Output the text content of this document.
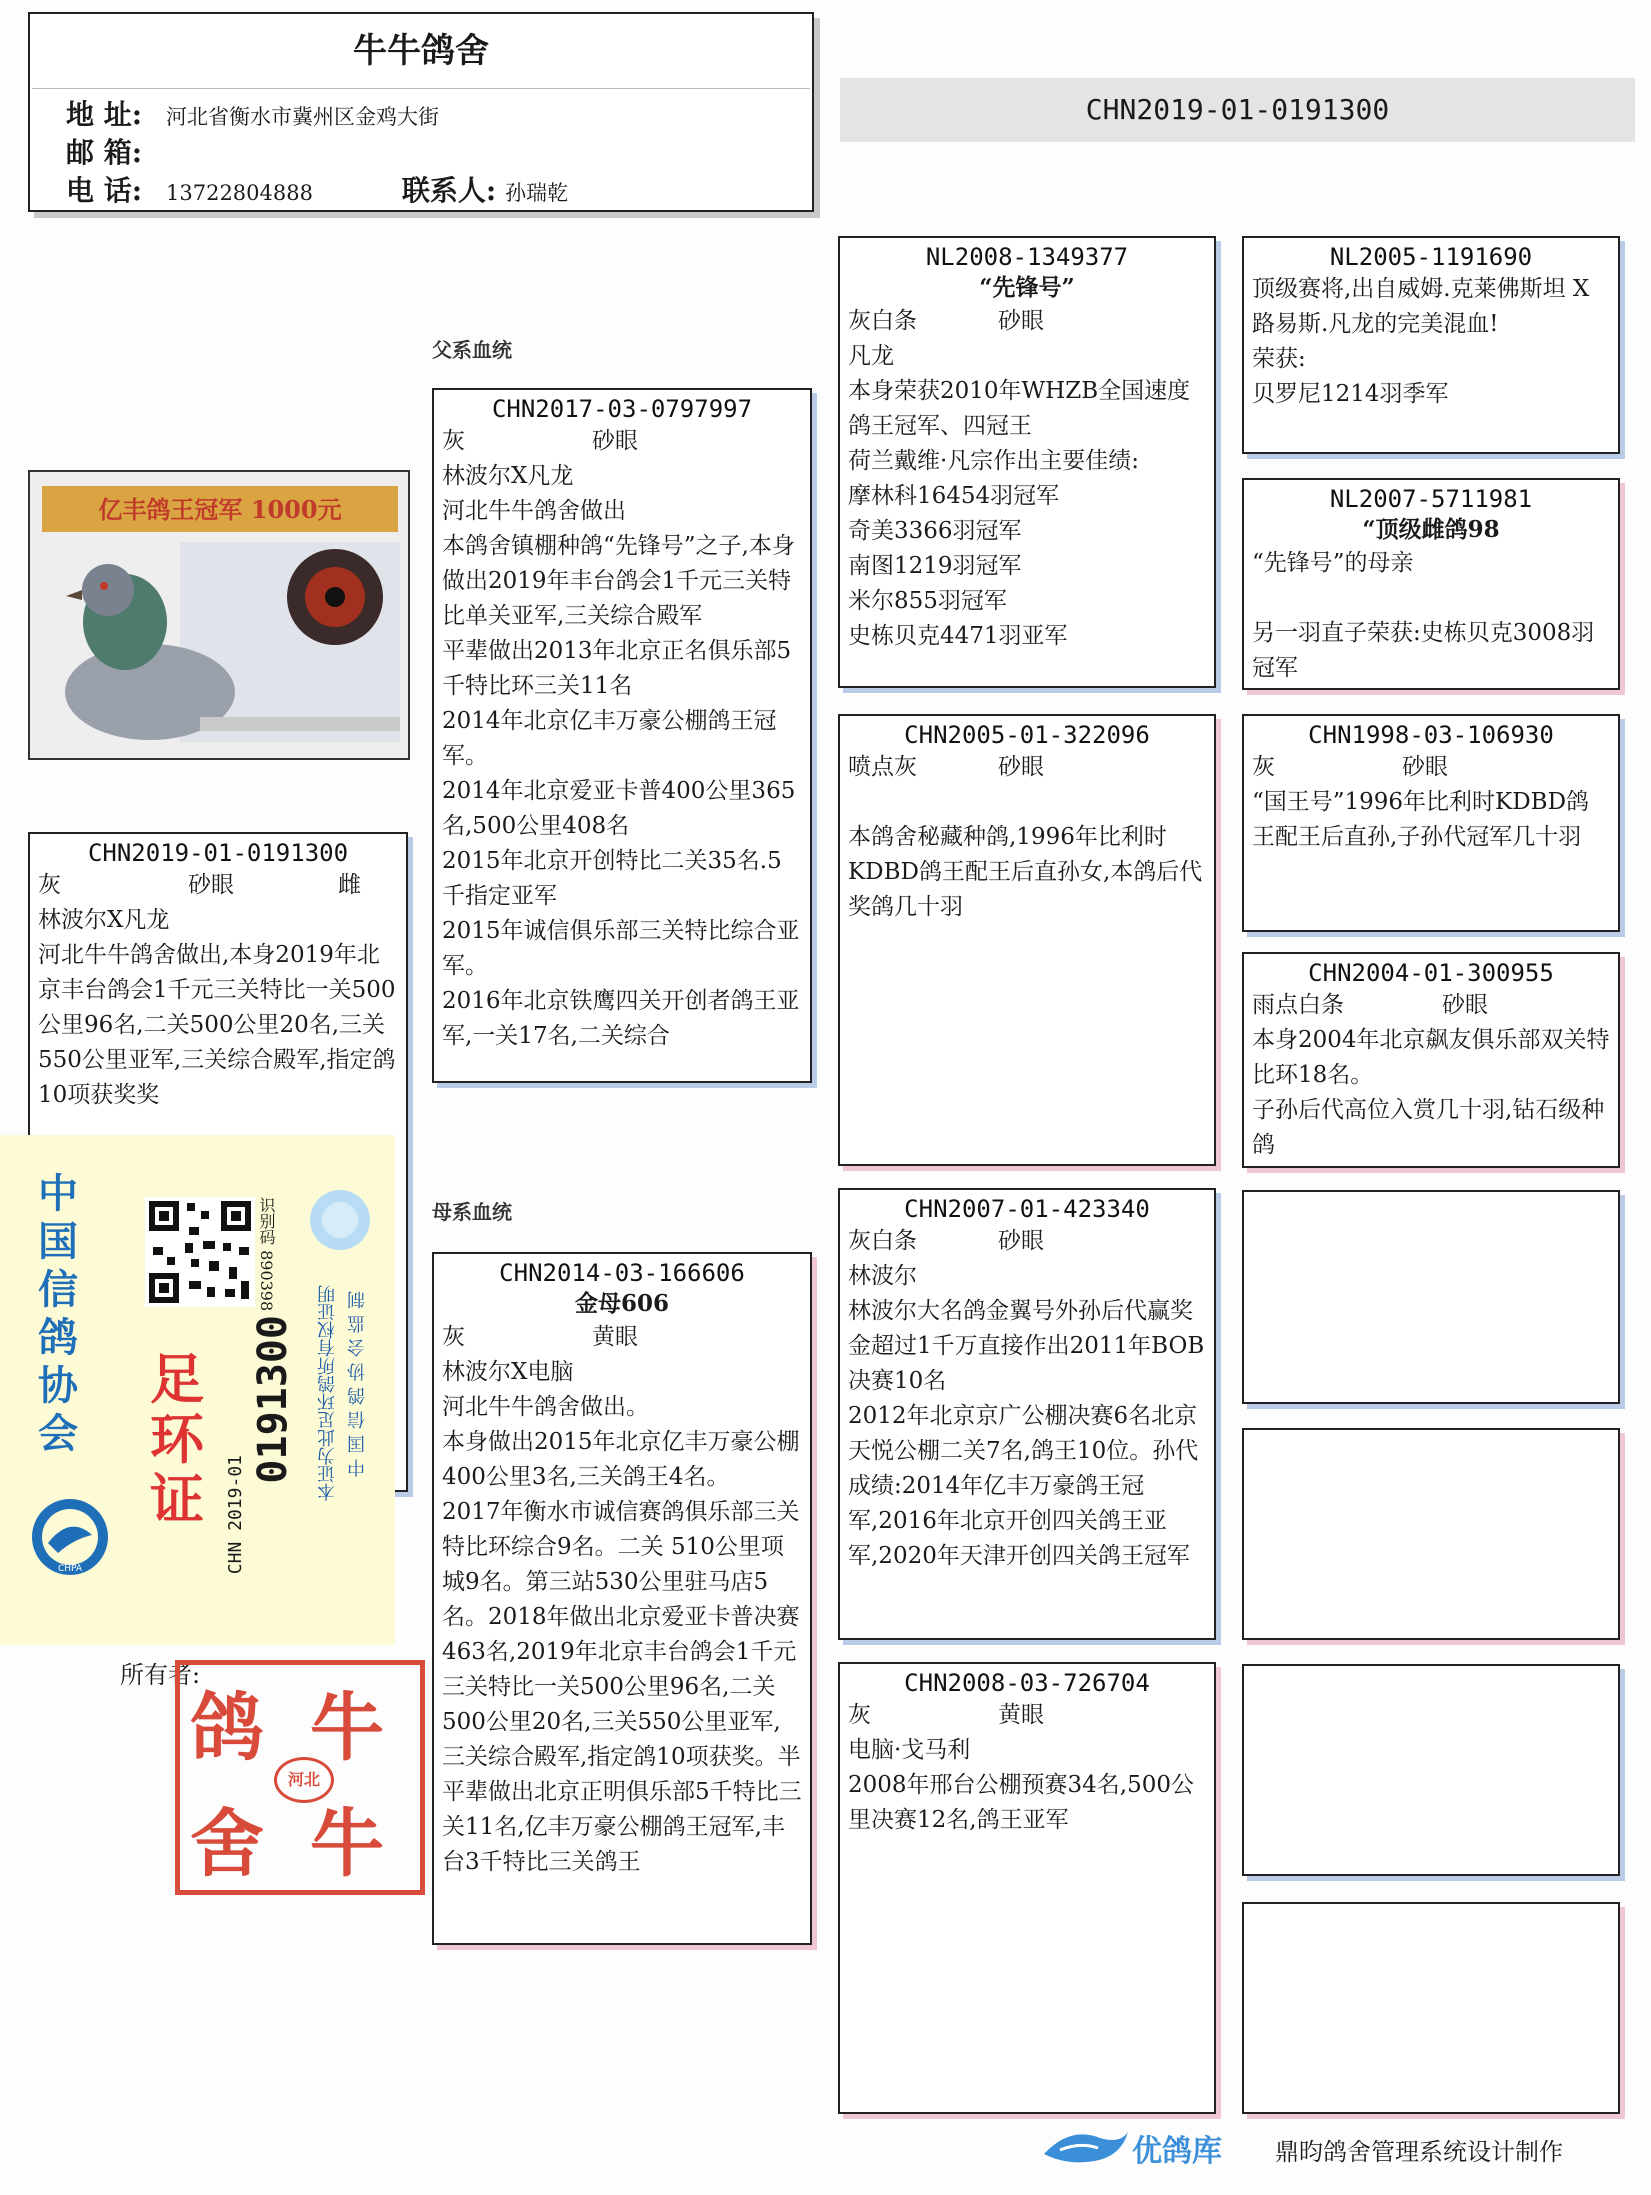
牛牛鸽舍
地 址: 河北省衡水市冀州区金鸡大街
邮 箱:
电 话: 13722804888	联系人: 孙瑞乾
CHN2019-01-0191300
父系血统
母系血统
亿丰鸽王冠军 1000元
CHN2019-01-0191300
灰	砂眼	雌

林波尔X凡龙

河北牛牛鸽舍做出,本身2019年北京丰台鸽会1千元三关特比一关500公里96名,二关500公里20名,三关550公里亚军,三关综合殿军,指定鸽10项获奖奖

CHN2017-03-0797997
灰	砂眼

林波尔X凡龙

河北牛牛鸽舍做出

本鸽舍镇棚种鸽“先锋号”之子,本身做出2019年丰台鸽会1千元三关特比单关亚军,三关综合殿军

平辈做出2013年北京正名俱乐部5千特比环三关11名

2014年北京亿丰万豪公棚鸽王冠军。

2014年北京爱亚卡普400公里365名,500公里408名

2015年北京开创特比二关35名.5千指定亚军

2015年诚信俱乐部三关特比综合亚军。

2016年北京铁鹰四关开创者鸽王亚军,一关17名,二关综合

CHN2014-03-166606
金母606
灰	黄眼

林波尔X电脑

河北牛牛鸽舍做出。

本身做出2015年北京亿丰万豪公棚400公里3名,三关鸽王4名。

2017年衡水市诚信赛鸽俱乐部三关特比环综合9名。二关 510公里项城9名。第三站530公里驻马店5名。2018年做出北京爱亚卡普决赛463名,2019年北京丰台鸽会1千元三关特比一关500公里96名,二关500公里20名,三关550公里亚军,三关综合殿军,指定鸽10项获奖。半平辈做出北京正明俱乐部5千特比三关11名,亿丰万豪公棚鸽王冠军,丰台3千特比三关鸽王

NL2008-1349377
“先锋号”
灰白条	砂眼

凡龙

本身荣获2010年WHZB全国速度鸽王冠军、四冠王

荷兰戴维·凡宗作出主要佳绩:

摩林科16454羽冠军

奇美3366羽冠军

南图1219羽冠军

米尔855羽冠军

史栋贝克4471羽亚军

CHN2005-01-322096
喷点灰	砂眼

本鸽舍秘藏种鸽,1996年比利时KDBD鸽王配王后直孙女,本鸽后代奖鸽几十羽

CHN2007-01-423340
灰白条	砂眼

林波尔

林波尔大名鸽金翼号外孙后代赢奖金超过1千万直接作出2011年BOB决赛10名

2012年北京京广公棚决赛6名北京天悦公棚二关7名,鸽王10位。孙代成绩:2014年亿丰万豪鸽王冠军,2016年北京开创四关鸽王亚军,2020年天津开创四关鸽王冠军

CHN2008-03-726704
灰	黄眼

电脑·戈马利

2008年邢台公棚预赛34名,500公里决赛12名,鸽王亚军

NL2005-1191690

顶级赛将,出自威姆.克莱佛斯坦 X 路易斯.凡龙的完美混血!

荣获:

贝罗尼1214羽季军

NL2007-5711981
“顶级雌鸽98

“先锋号”的母亲

另一羽直子荣获:史栋贝克3008羽冠军

CHN1998-03-106930
灰	砂眼

“国王号”1996年比利时KDBD鸽王配王后直孙,子孙代冠军几十羽

CHN2004-01-300955
雨点白条	砂眼

本身2004年北京飙友俱乐部双关特比环18名。

子孙后代高位入赏几十羽,钻石级种鸽

中国信鸽协会
识别码 890398
足环证
0191300
CHN 2019-01
本证为此足环鸽所有权证明 中国信鸽协会监制
CHPA
所有者:
鸽 牛
舍 牛
河北
优鸽库 鼎昀鸽舍管理系统设计制作
